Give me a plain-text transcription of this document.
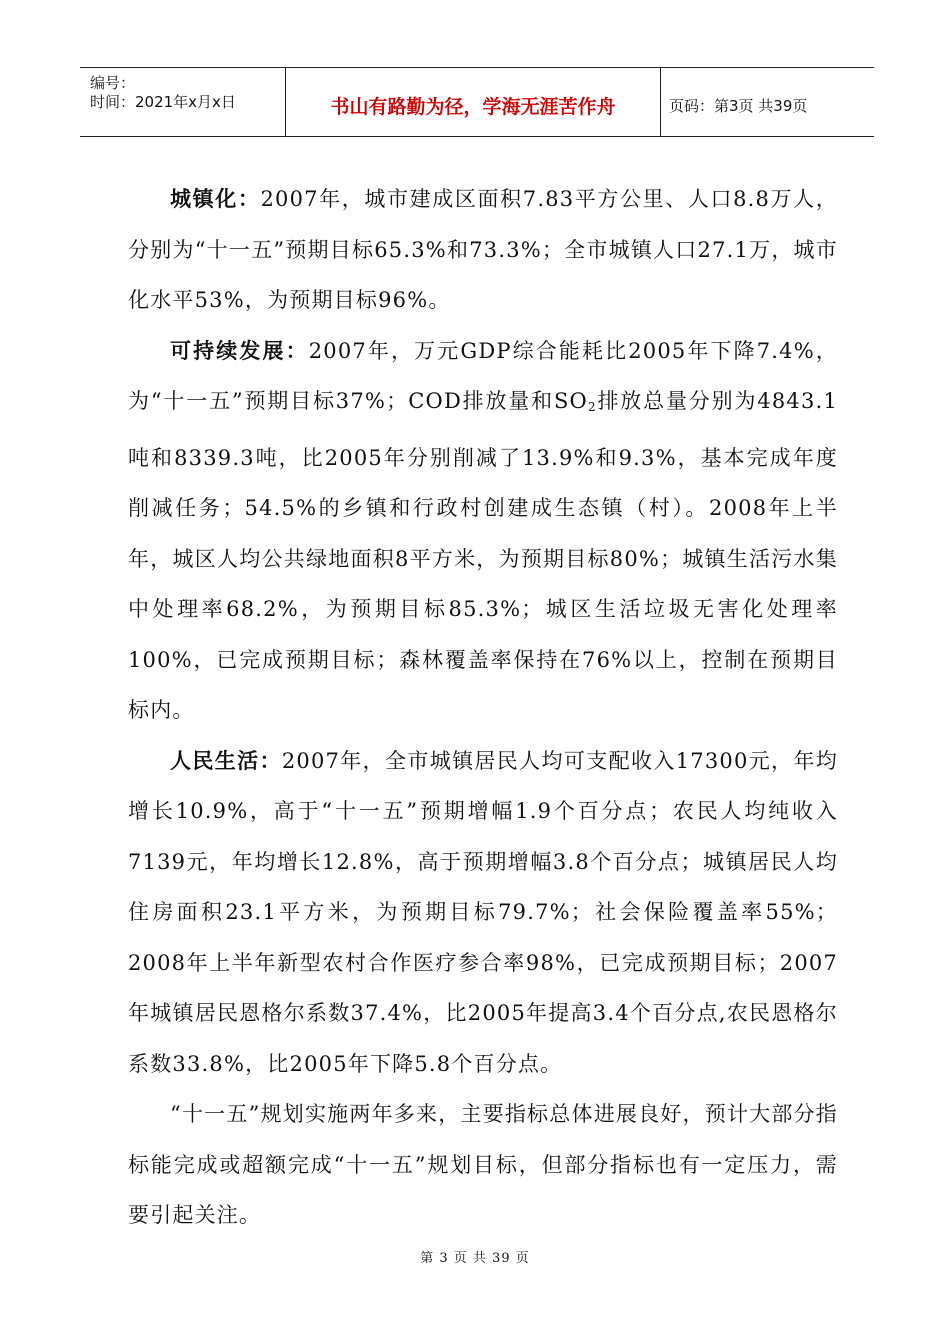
编号：
时间：2021年x月x日	书山有路勤为径，学海无涯苦作舟	页码：第3页 共39页

城镇化：2007年，城市建成区面积7.83平方公里、人口8.8万人，分别为“十一五”预期目标65.3%和73.3%；全市城镇人口27.1万，城市化水平53%，为预期目标96%。

可持续发展：2007年，万元GDP综合能耗比2005年下降7.4%，为“十一五”预期目标37%；COD排放量和$SO_2$排放总量分别为4843.1吨和8339.3吨，比2005年分别削减了13.9%和9.3%，基本完成年度削减任务；54.5%的乡镇和行政村创建成生态镇（村）。2008年上半年，城区人均公共绿地面积8平方米，为预期目标80%；城镇生活污水集中处理率68.2%，为预期目标85.3%；城区生活垃圾无害化处理率100%，已完成预期目标；森林覆盖率保持在76%以上，控制在预期目标内。

人民生活：2007年，全市城镇居民人均可支配收入17300元，年均增长10.9%，高于“十一五”预期增幅1.9个百分点；农民人均纯收入7139元，年均增长12.8%，高于预期增幅3.8个百分点；城镇居民人均住房面积23.1平方米，为预期目标79.7%；社会保险覆盖率55%；2008年上半年新型农村合作医疗参合率98%，已完成预期目标；2007年城镇居民恩格尔系数37.4%，比2005年提高3.4个百分点,农民恩格尔系数33.8%，比2005年下降5.8个百分点。

“十一五”规划实施两年多来，主要指标总体进展良好，预计大部分指标能完成或超额完成“十一五”规划目标，但部分指标也有一定压力，需要引起关注。

第 3 页 共 39 页
